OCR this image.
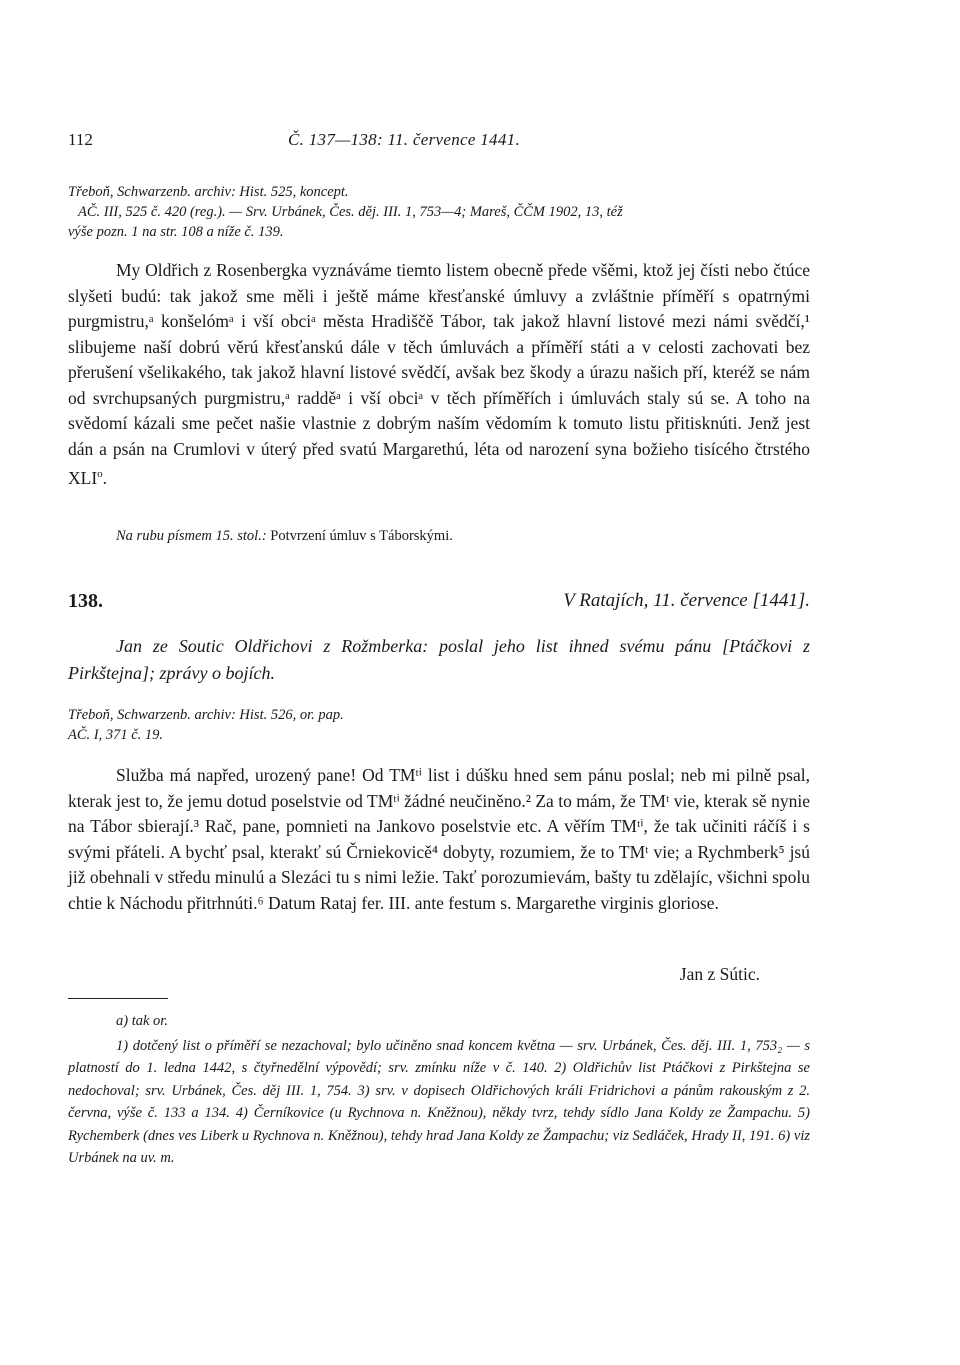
112	Č. 137—138: 11. července 1441.
Třeboň, Schwarzenb. archiv: Hist. 525, koncept.
AČ. III, 525 č. 420 (reg.). — Srv. Urbánek, Čes. děj. III. 1, 753—4; Mareš, ČČM 1902, 13, též
výše pozn. 1 na str. 108 a níže č. 139.

My Oldřich z Rosenbergka vyznáváme tiemto listem obecně přede všěmi, ktož jej čísti nebo čtúce slyšeti budú: tak jakož sme měli i ještě máme křesťanské úmluvy a zvláštnie příměří s opatrnými purgmistru,ᵃ konšelómᵃ i vší obciᵃ města Hradiščě Tábor, tak jakož hlavní listové mezi námi svědčí,¹ slibujeme naší dobrú věrú křesťanskú dále v těch úmluvách a příměří státi a v celosti zachovati bez přerušení všelikakého, tak jakož hlavní listové svědčí, avšak bez škody a úrazu našich pří, kteréž se nám od svrchupsaných purgmistru,ᵃ radděᵃ i vší obciᵃ v těch příměřích i úmluvách staly sú se. A toho na svědomí kázali sme pečet našie vlastnie z dobrým naším vědomím k tomuto listu přitisknúti. Jenž jest dán a psán na Crumlovi v úterý před svatú Margarethú, léta od narození syna božieho tisícého čtrstého XLI$^o$.

Na rubu písmem 15. stol.: Potvrzení úmluv s Táborskými.
138.	V Ratajích, 11. července [1441].

Jan ze Soutic Oldřichovi z Rožmberka: poslal jeho list ihned svému pánu [Ptáčkovi z Pirkštejna]; zprávy o bojích.

Třeboň, Schwarzenb. archiv: Hist. 526, or. pap.
AČ. I, 371 č. 19.

Služba má napřed, urozený pane! Od TMᵗⁱ list i dúšku hned sem pánu poslal; neb mi pilně psal, kterak jest to, že jemu dotud poselstvie od TMᵗⁱ žádné neučiněno.² Za to mám, že TMᵗ vie, kterak sě nynie na Tábor sbierají.³ Rač, pane, pomnieti na Jankovo poselstvie etc. A věřím TMᵗⁱ, že tak učiniti ráčíš i s svými přáteli. A bychť psal, kterakť sú Črniekovicě⁴ dobyty, rozumiem, že to TMᵗ vie; a Rychmberk⁵ jsú již obehnali v středu minulú a Slezáci tu s nimi ležie. Takť porozumievám, bašty tu zdělajíc, všichni spolu chtie k Náchodu přitrhnúti.⁶ Datum Rataj fer. III. ante festum s. Margarethe virginis gloriose.

Jan z Sútic.

a) tak or.

1) dotčený list o příměří se nezachoval; bylo učiněno snad koncem května — srv. Urbánek, Čes. děj. III. 1, 753₂ — s platností do 1. ledna 1442, s čtyřnedělní výpovědí; srv. zmínku níže v č. 140. 2) Oldřichův list Ptáčkovi z Pirkštejna se nedochoval; srv. Urbánek, Čes. děj III. 1, 754. 3) srv. v dopisech Oldřichových králi Fridrichovi a pánům rakouským z 2. června, výše č. 133 a 134. 4) Černíkovice (u Rychnova n. Kněžnou), někdy tvrz, tehdy sídlo Jana Koldy ze Žampachu. 5) Rychemberk (dnes ves Liberk u Rychnova n. Kněžnou), tehdy hrad Jana Koldy ze Žampachu; viz Sedláček, Hrady II, 191. 6) viz Urbánek na uv. m.
